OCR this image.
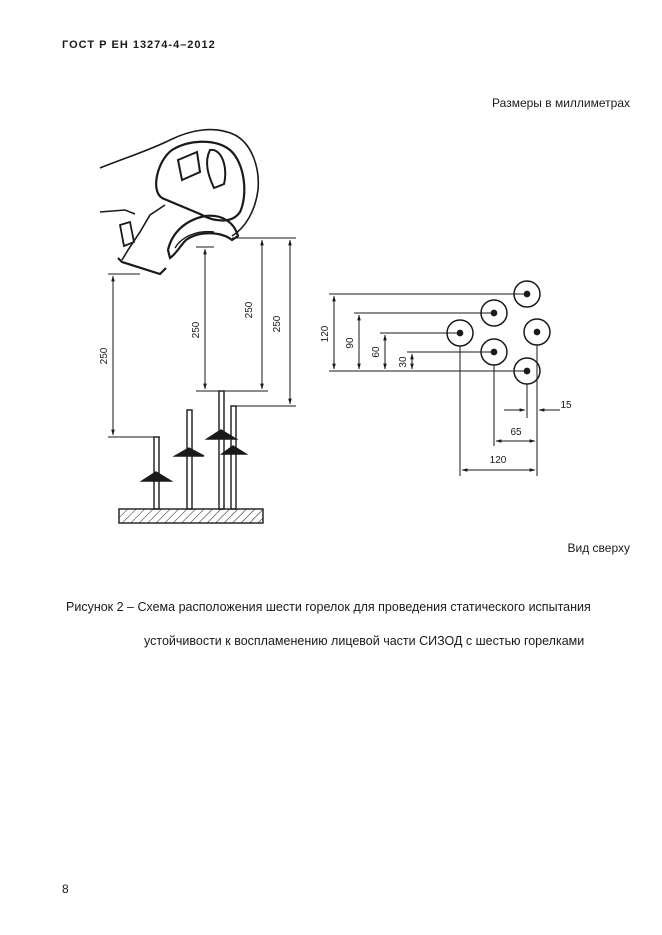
ГОСТ Р ЕН 13274-4–2012
Размеры в миллиметрах
250
250
250
250
120
90
60
30
15
65
120
Вид сверху
Рисунок 2 – Схема расположения шести горелок для проведения статического испытания
устойчивости к воспламенению лицевой части СИЗОД с шестью горелками
8
